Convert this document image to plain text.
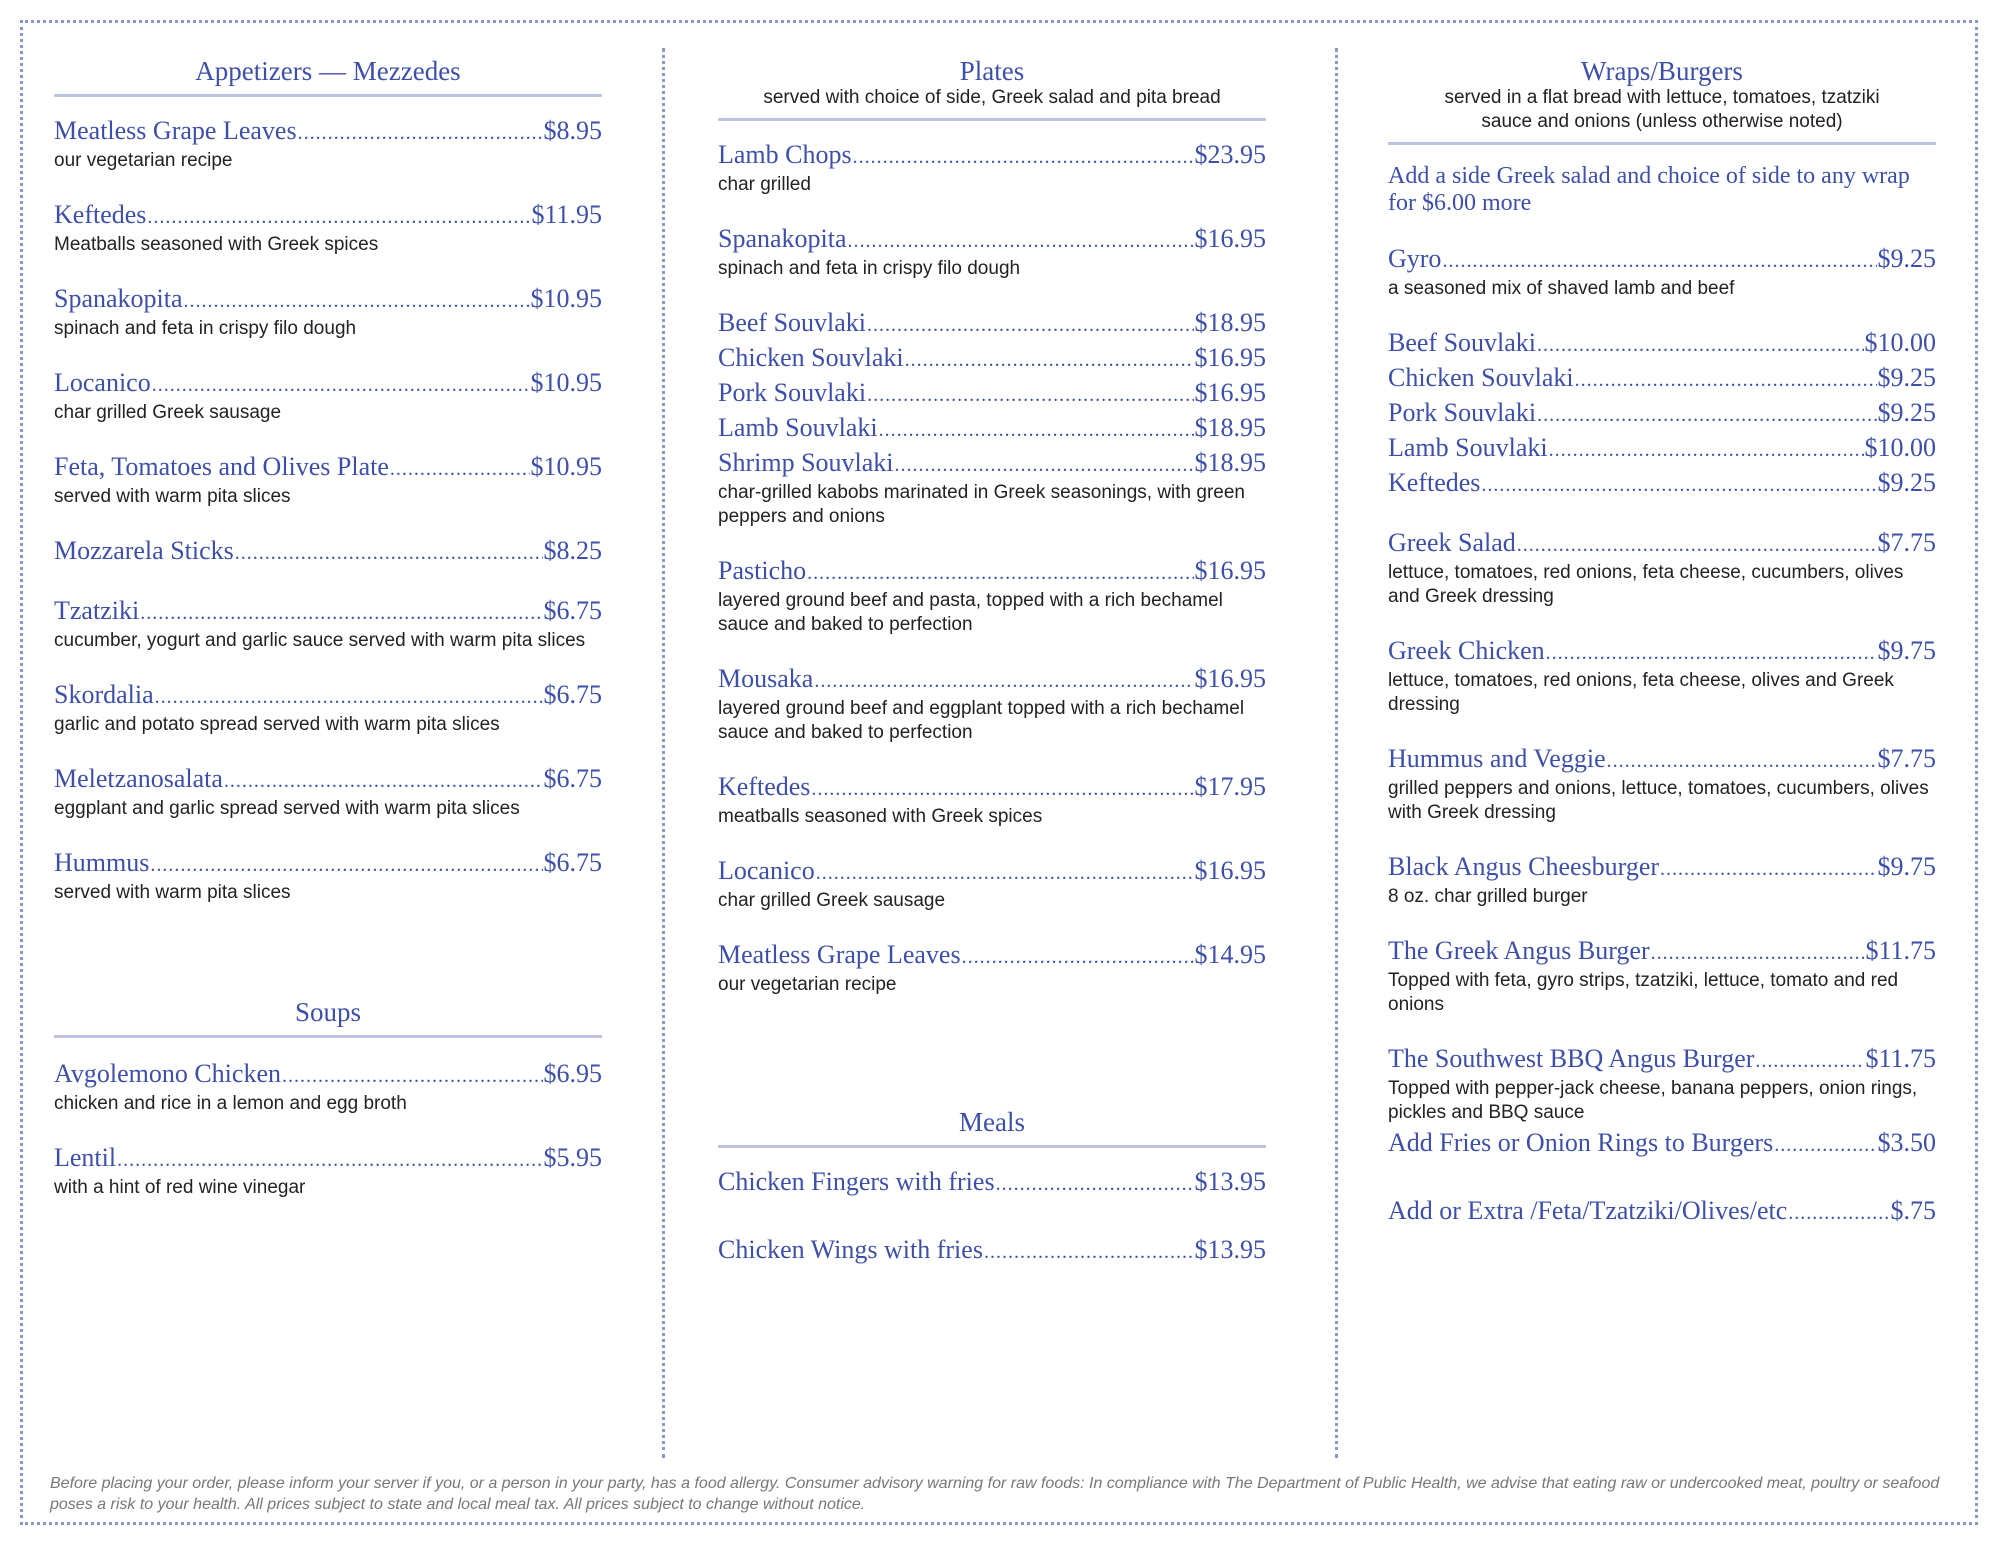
Appetizers — Mezzedes
Meatless Grape Leaves .....	$8.95
our vegetarian recipe
Keftedes .....	$11.95
Meatballs seasoned with Greek spices
Spanakopita .....	$10.95
spinach and feta in crispy filo dough
Locanico .....	$10.95
char grilled Greek sausage
Feta, Tomatoes and Olives Plate .....	$10.95
served with warm pita slices
Mozzarela Sticks .....	$8.25
Tzatziki .....	$6.75
cucumber, yogurt and garlic sauce served with warm pita slices
Skordalia .....	$6.75
garlic and potato spread served with warm pita slices
Meletzanosalata .....	$6.75
eggplant and garlic spread served with warm pita slices
Hummus .....	$6.75
served with warm pita slices
Soups
Avgolemono Chicken .....	$6.95
chicken and rice in a lemon and egg broth
Lentil .....	$5.95
with a hint of red wine vinegar
Plates
served with choice of side, Greek salad and pita bread
Lamb Chops .....	$23.95
char grilled
Spanakopita .....	$16.95
spinach and feta in crispy filo dough
Beef Souvlaki .....	$18.95
Chicken Souvlaki .....	$16.95
Pork Souvlaki .....	$16.95
Lamb Souvlaki .....	$18.95
Shrimp Souvlaki .....	$18.95
char-grilled kabobs marinated in Greek seasonings, with green peppers and onions
Pasticho .....	$16.95
layered ground beef and pasta, topped with a rich bechamel sauce and baked to perfection
Mousaka .....	$16.95
layered ground beef and eggplant topped with a rich bechamel sauce and baked to perfection
Keftedes .....	$17.95
meatballs seasoned with Greek spices
Locanico .....	$16.95
char grilled Greek sausage
Meatless Grape Leaves .....	$14.95
our vegetarian recipe
Meals
Chicken Fingers with fries .....	$13.95
Chicken Wings with fries .....	$13.95
Wraps/Burgers
served in a flat bread with lettuce, tomatoes, tzatziki sauce and onions (unless otherwise noted)
Add a side Greek salad and choice of side to any wrap for $6.00 more
Gyro .....	$9.25
a seasoned mix of shaved lamb and beef
Beef Souvlaki .....	$10.00
Chicken Souvlaki .....	$9.25
Pork Souvlaki .....	$9.25
Lamb Souvlaki .....	$10.00
Keftedes .....	$9.25
Greek Salad .....	$7.75
lettuce, tomatoes, red onions, feta cheese, cucumbers, olives and Greek dressing
Greek Chicken .....	$9.75
lettuce, tomatoes, red onions, feta cheese, olives and Greek dressing
Hummus and Veggie .....	$7.75
grilled peppers and onions, lettuce, tomatoes, cucumbers, olives with Greek dressing
Black Angus Cheesburger .....	$9.75
8 oz. char grilled burger
The Greek Angus Burger .....	$11.75
Topped with feta, gyro strips, tzatziki, lettuce, tomato and red onions
The Southwest BBQ Angus Burger .....	$11.75
Topped with pepper-jack cheese, banana peppers, onion rings, pickles and BBQ sauce
Add Fries or Onion Rings to Burgers .....	$3.50
Add or Extra /Feta/Tzatziki/Olives/etc .....	$.75
Before placing your order, please inform your server if you, or a person in your party, has a food allergy. Consumer advisory warning for raw foods: In compliance with The Department of Public Health, we advise that eating raw or undercooked meat, poultry or seafood poses a risk to your health. All prices subject to state and local meal tax. All prices subject to change without notice.
